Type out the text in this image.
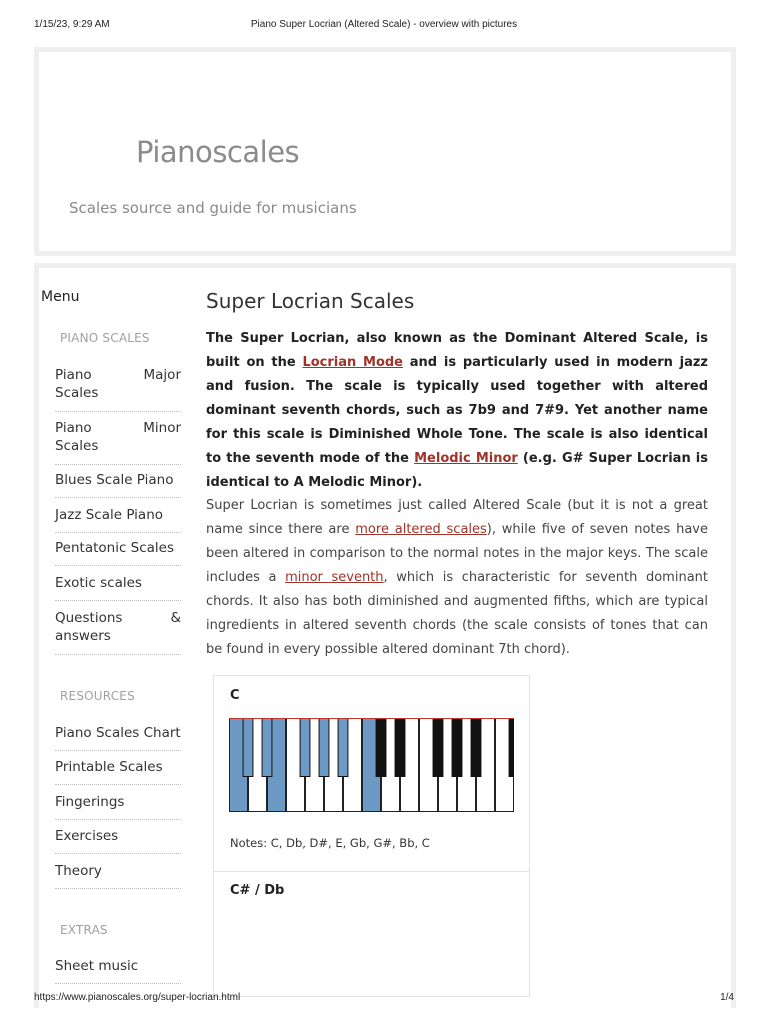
1/15/23, 9:29 AM	Piano Super Locrian (Altered Scale) - overview with pictures
Pianoscales
Scales source and guide for musicians
Menu
PIANO SCALES
Piano	Major
Scales
Piano	Minor
Scales
Blues Scale Piano
Jazz Scale Piano
Pentatonic Scales
Exotic scales
Questions	&
answers
RESOURCES
Piano Scales Chart
Printable Scales
Fingerings
Exercises
Theory
EXTRAS
Sheet music
Super Locrian Scales

The Super Locrian, also known as the Dominant Altered Scale, is built on the Locrian Mode and is particularly used in modern jazz and fusion. The scale is typically used together with altered dominant seventh chords, such as 7b9 and 7#9. Yet another name for this scale is Diminished Whole Tone. The scale is also identical to the seventh mode of the Melodic Minor (e.g. G# Super Locrian is identical to A Melodic Minor).

Super Locrian is sometimes just called Altered Scale (but it is not a great name since there are more altered scales), while five of seven notes have been altered in comparison to the normal notes in the major keys. The scale includes a minor seventh, which is characteristic for seventh dominant chords. It also has both diminished and augmented fifths, which are typical ingredients in altered seventh chords (the scale consists of tones that can be found in every possible altered dominant 7th chord).

C
Notes: C, Db, D#, E, Gb, G#, Bb, C
C# / Db
https://www.pianoscales.org/super-locrian.html	1/4
